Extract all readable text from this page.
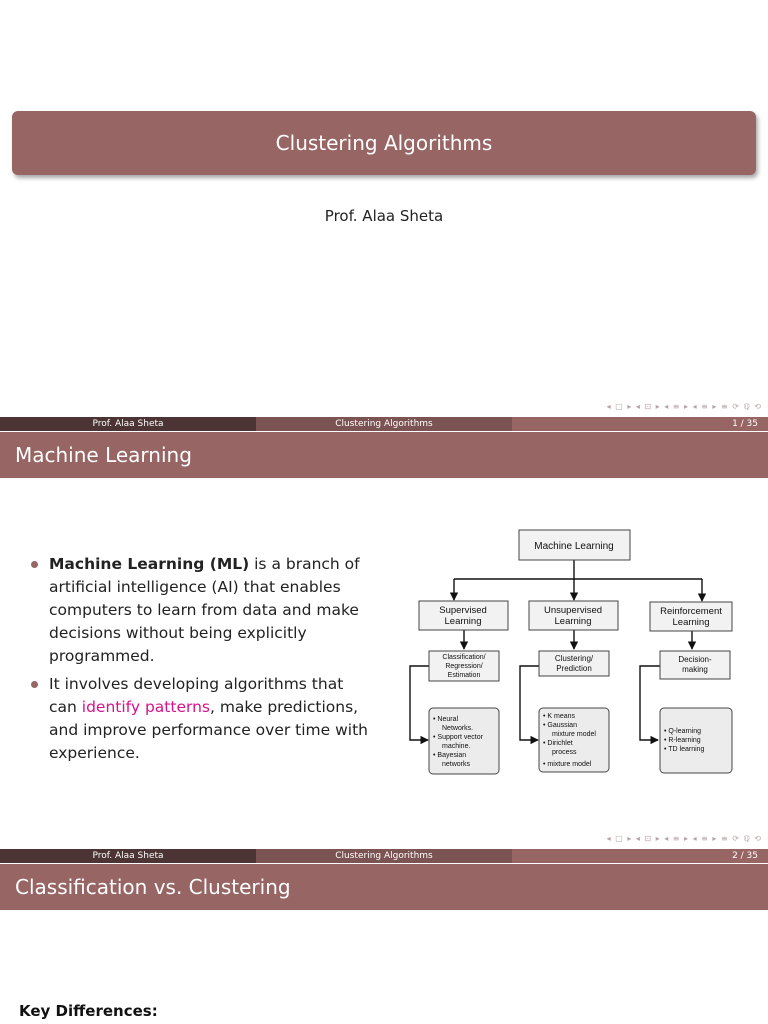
Clustering Algorithms
Prof. Alaa Sheta
◂ □ ▸ ◂ ⊡ ▸ ◂ ≡ ▸ ◂ ≡ ▸ ≡ ⟳ ℚ ⟲
Prof. Alaa Sheta	Clustering Algorithms	1 / 35
Machine Learning
Machine Learning (ML) is a branch of artificial intelligence (AI) that enables computers to learn from data and make decisions without being explicitly programmed.
It involves developing algorithms that can identify patterns, make predictions, and improve performance over time with experience.
Machine Learning
Supervised
Learning
Unsupervised
Learning
Reinforcement
Learning
Classification/
Regression/
Estimation
Clustering/
Prediction
Decision-
making
• Neural
Networks.
• Support vector
machine.
• Bayesian
networks
• K means
• Gaussian
mixture model
• Dirichlet
process
• mixture model
• Q-learning
• R-learning
• TD learning
◂ □ ▸ ◂ ⊡ ▸ ◂ ≡ ▸ ◂ ≡ ▸ ≡ ⟳ ℚ ⟲
Prof. Alaa Sheta	Clustering Algorithms	2 / 35
Classification vs. Clustering
Key Differences:
